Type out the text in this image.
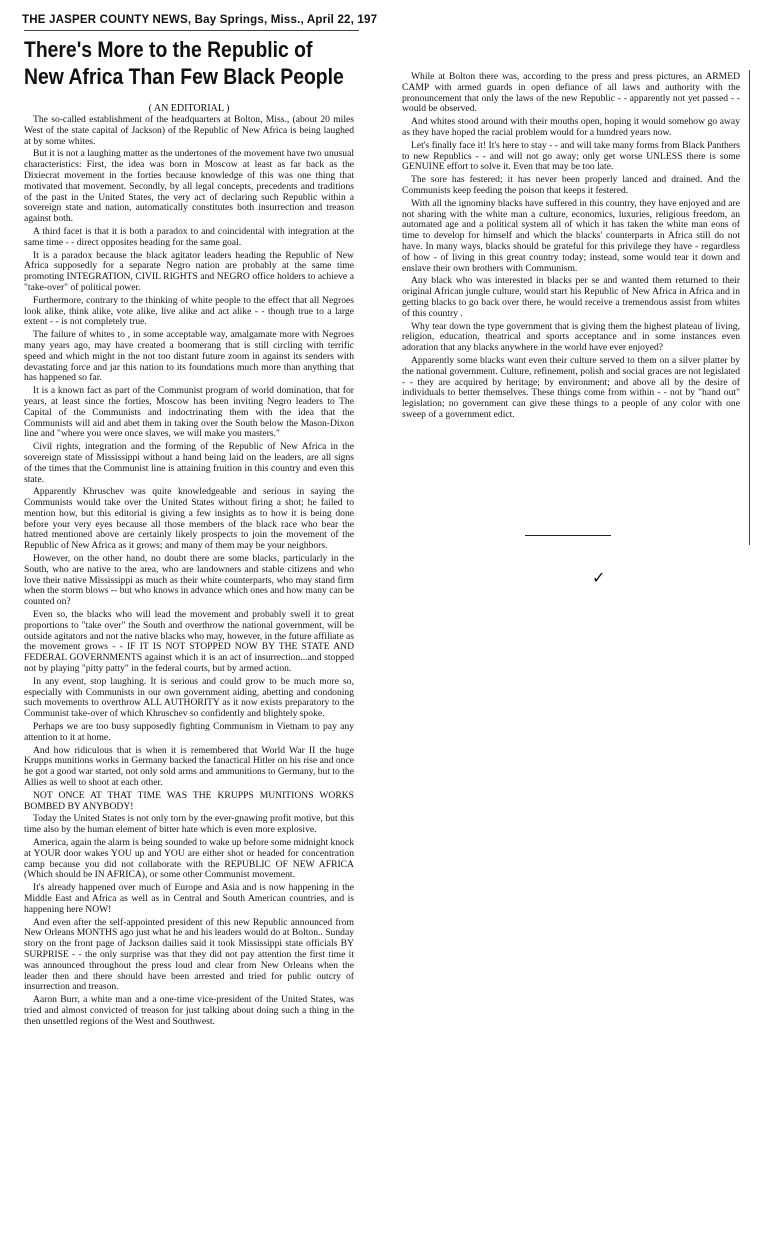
THE JASPER COUNTY NEWS, Bay Springs, Miss., April 22, 197
There's More to the Republic of
New Africa Than Few Black People
( AN EDITORIAL )

The so-called establishment of the headquarters at Bolton, Miss., (about 20 miles West of the state capital of Jackson) of the Republic of New Africa is being laughed at by some whites.

But it is not a laughing matter as the undertones of the movement have two unusual characteristics: First, the idea was born in Moscow at least as far back as the Dixiecrat movement in the forties because knowledge of this was one thing that motivated that movement. Secondly, by all legal concepts, precedents and traditions of the past in the United States, the very act of declaring such Republic within a sovereign state and nation, automatically constitutes both insurrection and treason against both.

A third facet is that it is both a paradox to and coincidental with integration at the same time - - direct opposites heading for the same goal.

It is a paradox because the black agitator leaders heading the Republic of New Africa supposedly for a separate Negro nation are probably at the same time promoting INTEGRATION, CIVIL RIGHTS and NEGRO office holders to achieve a "take-over" of political power.

Furthermore, contrary to the thinking of white people to the effect that all Negroes look alike, think alike, vote alike, live alike and act alike - - though true to a large extent - - is not completely true.

The failure of whites to , in some acceptable way, amalgamate more with Negroes many years ago, may have created a boomerang that is still circling with terrific speed and which might in the not too distant future zoom in against its senders with devastating force and jar this nation to its foundations much more than anything that has happened so far.

It is a known fact as part of the Communist program of world domination, that for years, at least since the forties, Moscow has been inviting Negro leaders to The Capital of the Communists and indoctrinating them with the idea that the Communists will aid and abet them in taking over the South below the Mason-Dixon line and "where you were once slaves, we will make you masters."

Civil rights, integration and the forming of the Republic of New Africa in the sovereign state of Mississippi without a hand being laid on the leaders, are all signs of the times that the Communist line is attaining fruition in this country and even this state.

Apparently Khruschev was quite knowledgeable and serious in saying the Communists would take over the United States without firing a shot; he failed to mention how, but this editorial is giving a few insights as to how it is being done before your very eyes because all those members of the black race who bear the hatred mentioned above are certainly likely prospects to join the movement of the Republic of New Africa as it grows; and many of them may be your neighbors.

However, on the other hand, no doubt there are some blacks, particularly in the South, who are native to the area, who are landowners and stable citizens and who love their native Mississippi as much as their white counterparts, who may stand firm when the storm blows -- but who knows in advance which ones and how many can be counted on?

Even so, the blacks who will lead the movement and probably swell it to great proportions to "take over" the South and overthrow the national government, will be outside agitators and not the native blacks who may, however, in the future affiliate as the movement grows - - IF IT IS NOT STOPPED NOW BY THE STATE AND FEDERAL GOVERNMENTS against which it is an act of insurrection...and stopped not by playing "pitty patty" in the federal courts, but by armed action.

In any event, stop laughing. It is serious and could grow to be much more so, especially with Communists in our own government aiding, abetting and condoning such movements to overthrow ALL AUTHORITY as it now exists preparatory to the Communist take-over of which Khruschev so confidently and blightely spoke.

Perhaps we are too busy supposedly fighting Communism in Vietnam to pay any attention to it at home.

And how ridiculous that is when it is remembered that World War II the huge Krupps munitions works in Germany backed the fanactical Hitler on his rise and once he got a good war started, not only sold arms and ammunitions to Germany, but to the Allies as well to shoot at each other.

NOT ONCE AT THAT TIME WAS THE KRUPPS MUNITIONS WORKS BOMBED BY ANYBODY!

Today the United States is not only torn by the ever-gnawing profit motive, but this time also by the human element of bitter hate which is even more explosive.

America, again the alarm is being sounded to wake up before some midnight knock at YOUR door wakes YOU up and YOU are either shot or headed for concentration camp because you did not collaborate with the REPUBLIC OF NEW AFRICA (Which should be IN AFRICA), or some other Communist movement.

It's already happened over much of Europe and Asia and is now happening in the Middle East and Africa as well as in Central and South American countries, and is happening here NOW!

And even after the self-appointed president of this new Republic announced from New Orleans MONTHS ago just what he and his leaders would do at Bolton.. Sunday story on the front page of Jackson dailies said it took Mississippi state officials BY SURPRISE - - the only surprise was that they did not pay attention the first time it was announced throughout the press loud and clear from New Orleans when the leader then and there should have been arrested and tried for public outcry of insurrection and treason.

Aaron Burr, a white man and a one-time vice-president of the United States, was tried and almost convicted of treason for just talking about doing such a thing in the then unsettled regions of the West and Southwest.

While at Bolton there was, according to the press and press pictures, an ARMED CAMP with armed guards in open defiance of all laws and authority with the pronouncement that only the laws of the new Republic - - apparently not yet passed - - would be observed.

And whites stood around with their mouths open, hoping it would somehow go away as they have hoped the racial problem would for a hundred years now.

Let's finally face it! It's here to stay - - and will take many forms from Black Panthers to new Republics - - and will not go away; only get worse UNLESS there is some GENUINE effort to solve it. Even that may be too late.

The sore has festered; it has never been properly lanced and drained. And the Communists keep feeding the poison that keeps it festered.

With all the ignominy blacks have suffered in this country, they have enjoyed and are not sharing with the white man a culture, economics, luxuries, religious freedom, an automated age and a political system all of which it has taken the white man eons of time to develop for himself and which the blacks' counterparts in Africa still do not have. In many ways, blacks should be grateful for this privilege they have - regardless of how - of living in this great country today; instead, some would tear it down and enslave their own brothers with Communism.

Any black who was interested in blacks per se and wanted them returned to their original African jungle culture, would start his Republic of New Africa in Africa and in getting blacks to go back over there, he would receive a tremendous assist from whites of this country .

Why tear down the type government that is giving them the highest plateau of living, religion, education, theatrical and sports acceptance and in some instances even adoration that any blacks anywhere in the world have ever enjoyed?

Apparently some blacks want even their culture served to them on a silver platter by the national government. Culture, refinement, polish and social graces are not legislated - - they are acquired by heritage; by environment; and above all by the desire of individuals to better themselves. These things come from within - - not by "hand out" legislation; no government can give these things to a people of any color with one sweep of a government edict.

✓
